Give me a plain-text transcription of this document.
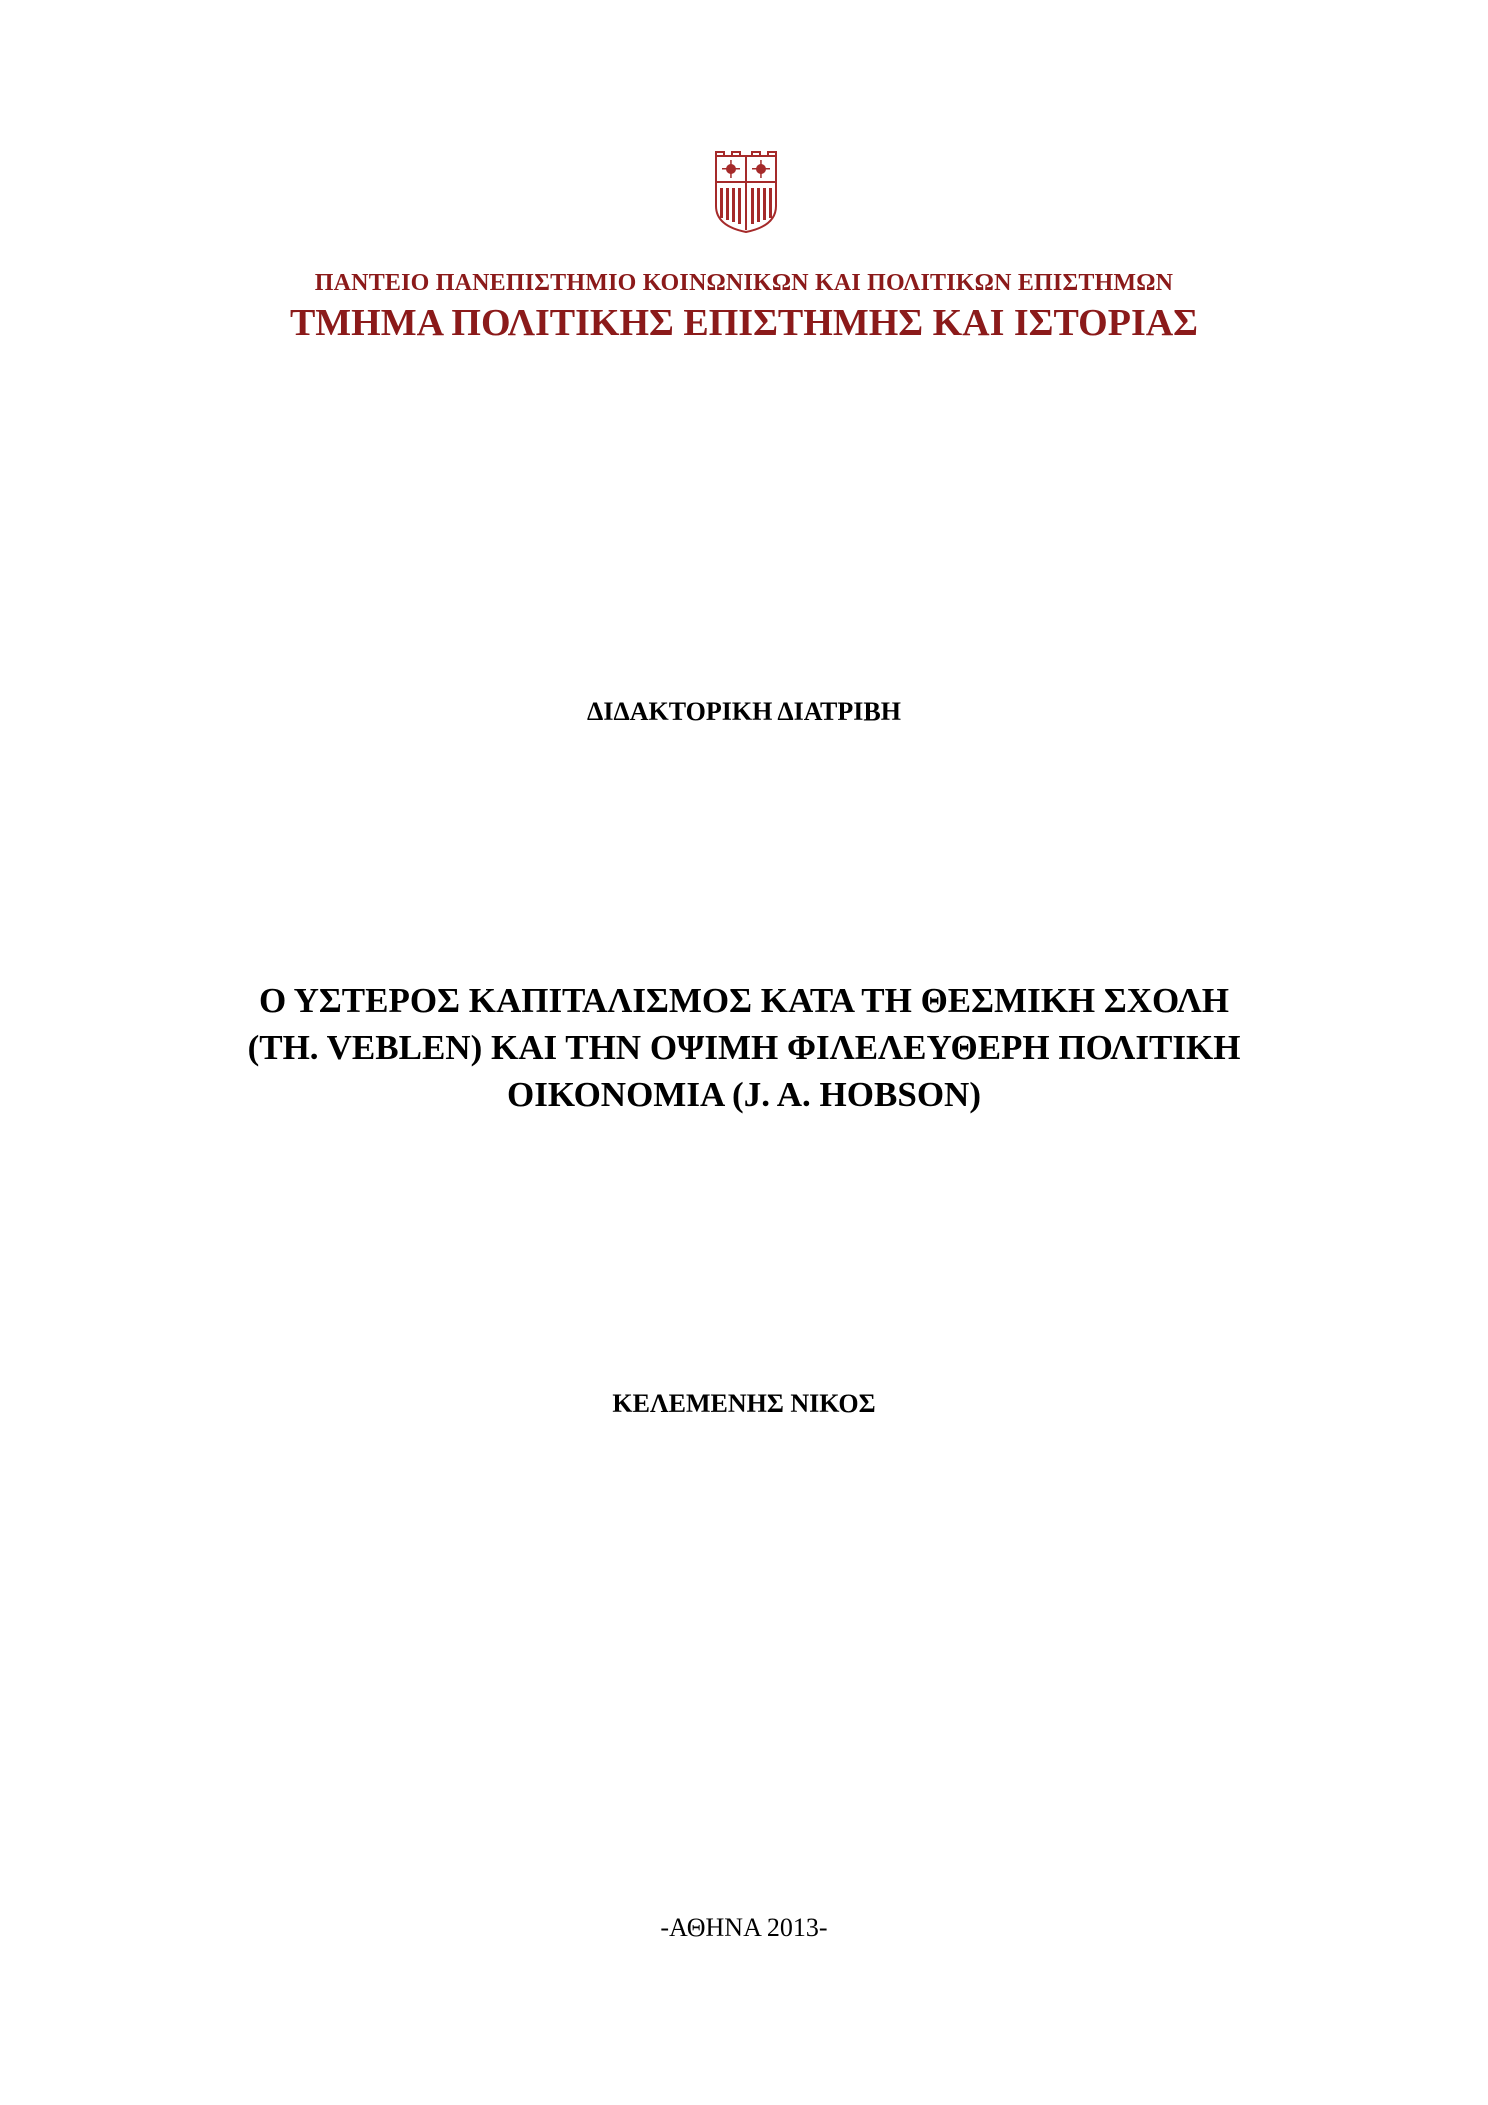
ΠΑΝΤΕΙΟ ΠΑΝΕΠΙΣΤΗΜΙΟ ΚΟΙΝΩΝΙΚΩΝ ΚΑΙ ΠΟΛΙΤΙΚΩΝ ΕΠΙΣΤΗΜΩΝ
ΤΜΗΜΑ ΠΟΛΙΤΙΚΗΣ ΕΠΙΣΤΗΜΗΣ ΚΑΙ ΙΣΤΟΡΙΑΣ
ΔΙΔΑΚΤΟΡΙΚΗ ΔΙΑΤΡΙΒΗ
Ο ΥΣΤΕΡΟΣ ΚΑΠΙΤΑΛΙΣΜΟΣ ΚΑΤΑ ΤΗ ΘΕΣΜΙΚΗ ΣΧΟΛΗ
(TH. VEBLEN) ΚΑΙ ΤΗΝ ΟΨΙΜΗ ΦΙΛΕΛΕΥΘΕΡΗ ΠΟΛΙΤΙΚΗ
ΟΙΚΟΝΟΜΙΑ (J. A. HOBSON)
ΚΕΛΕΜΕΝΗΣ ΝΙΚΟΣ
-ΑΘΗΝΑ 2013-
